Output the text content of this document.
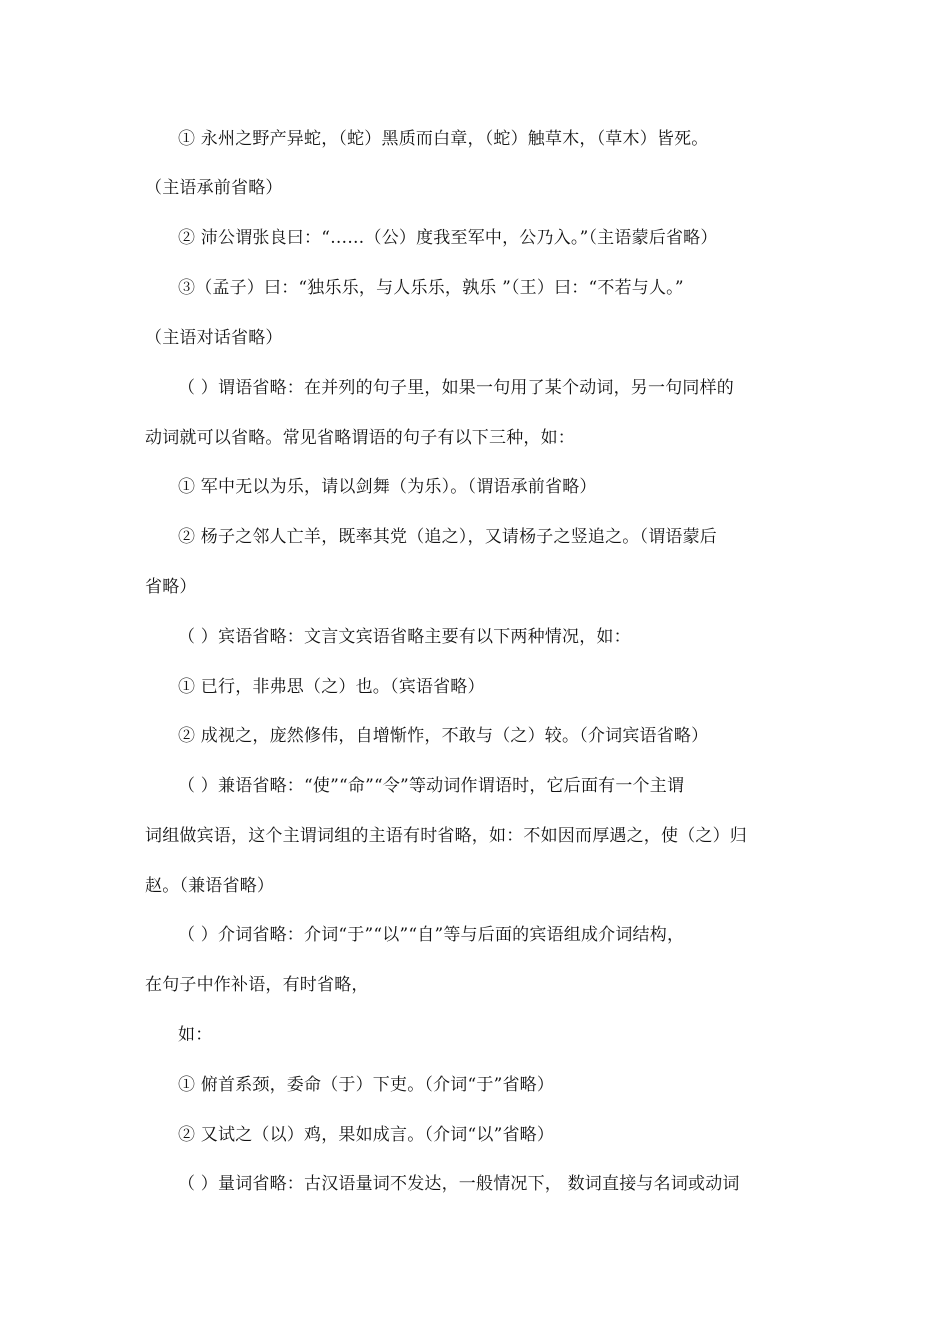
① 永州之野产异蛇，（蛇）黑质而白章，（蛇）触草木，（草木）皆死。
（主语承前省略）
② 沛公谓张良曰：“……（公）度我至军中，公乃入。”（主语蒙后省略）
③（孟子）曰：“独乐乐，与人乐乐，孰乐 ”（王）曰：“不若与人。”
（主语对话省略）
（ ）谓语省略：在并列的句子里，如果一句用了某个动词，另一句同样的
动词就可以省略。常见省略谓语的句子有以下三种，如：
① 军中无以为乐，请以剑舞（为乐）。（谓语承前省略）
② 杨子之邻人亡羊，既率其党（追之），又请杨子之竖追之。（谓语蒙后
省略）
（ ）宾语省略：文言文宾语省略主要有以下两种情况，如：
① 已行，非弗思（之）也。（宾语省略）
② 成视之，庞然修伟，自增惭怍，不敢与（之）较。（介词宾语省略）
（ ）兼语省略：“使”“命”“令”等动词作谓语时，它后面有一个主谓
词组做宾语，这个主谓词组的主语有时省略，如：不如因而厚遇之，使（之）归
赵。（兼语省略）
（ ）介词省略：介词“于”“以”“自”等与后面的宾语组成介词结构，
在句子中作补语，有时省略，
如：
① 俯首系颈，委命（于）下吏。（介词“于”省略）
② 又试之（以）鸡，果如成言。（介词“以”省略）
（ ）量词省略：古汉语量词不发达，一般情况下， 数词直接与名词或动词
